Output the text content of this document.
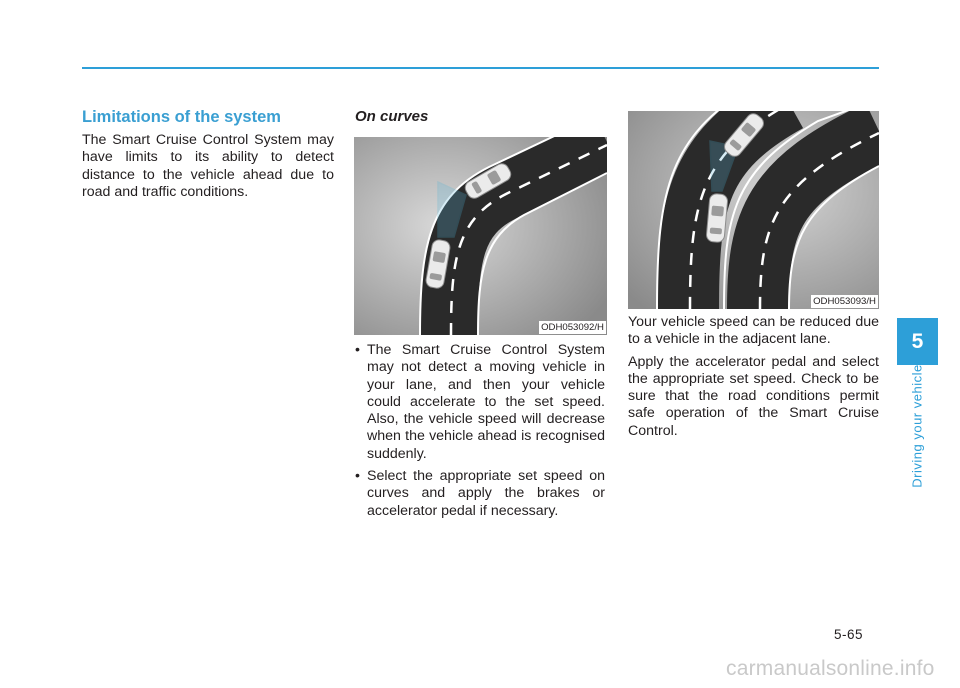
Limitations of the system

The Smart Cruise Control System may have limits to its ability to detect distance to the vehicle ahead due to road and traffic conditions.

On curves
ODH053092/H
• The Smart Cruise Control System may not detect a moving vehicle in your lane, and then your vehicle could accelerate to the set speed. Also, the vehicle speed will decrease when the vehicle ahead is recognised suddenly.
• Select the appropriate set speed on curves and apply the brakes or accelerator pedal if necessary.
ODH053093/H

Your vehicle speed can be reduced due to a vehicle in the adjacent lane.

Apply the accelerator pedal and select the appropriate set speed. Check to be sure that the road conditions permit safe operation of the Smart Cruise Control.

5
Driving your vehicle
5-65
carmanualsonline.info
